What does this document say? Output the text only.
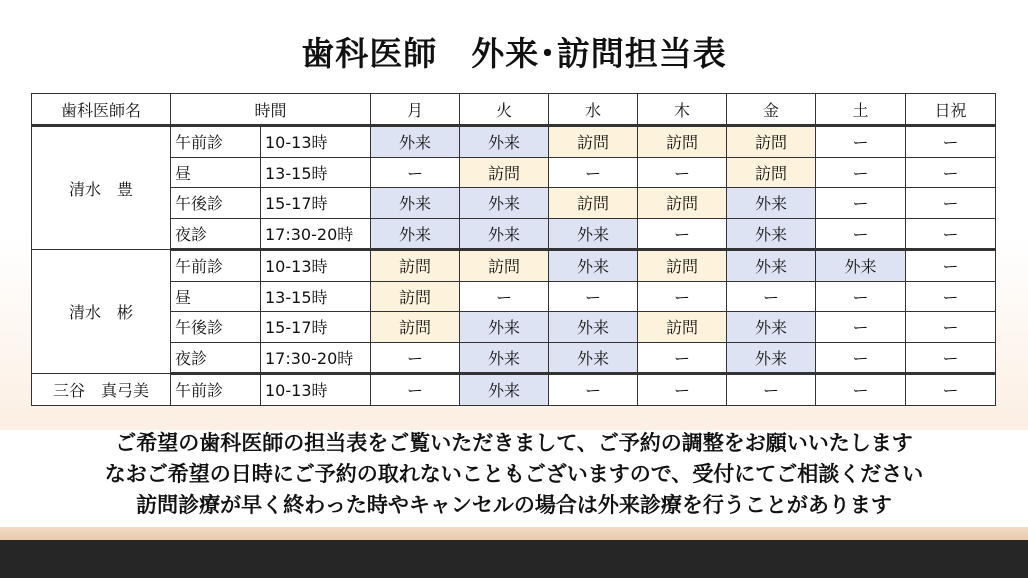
歯科医師　外来･訪問担当表
歯科医師名	時間		月	火	水	木	金	土	日祝
清水　豊	午前診	10-13時	外来	外来	訪問	訪問	訪問	ー	ー
	昼	13-15時	ー	訪問	ー	ー	訪問	ー	ー
	午後診	15-17時	外来	外来	訪問	訪問	外来	ー	ー
	夜診	17:30-20時	外来	外来	外来	ー	外来	ー	ー
清水　彬	午前診	10-13時	訪問	訪問	外来	訪問	外来	外来	ー
	昼	13-15時	訪問	ー	ー	ー	ー	ー	ー
	午後診	15-17時	訪問	外来	外来	訪問	外来	ー	ー
	夜診	17:30-20時	ー	外来	外来	ー	外来	ー	ー
三谷　真弓美	午前診	10-13時	ー	外来	ー	ー	ー	ー	ー
ご希望の歯科医師の担当表をご覧いただきまして、ご予約の調整をお願いいたします
なおご希望の日時にご予約の取れないこともございますので、受付にてご相談ください
訪問診療が早く終わった時やキャンセルの場合は外来診療を行うことがあります
